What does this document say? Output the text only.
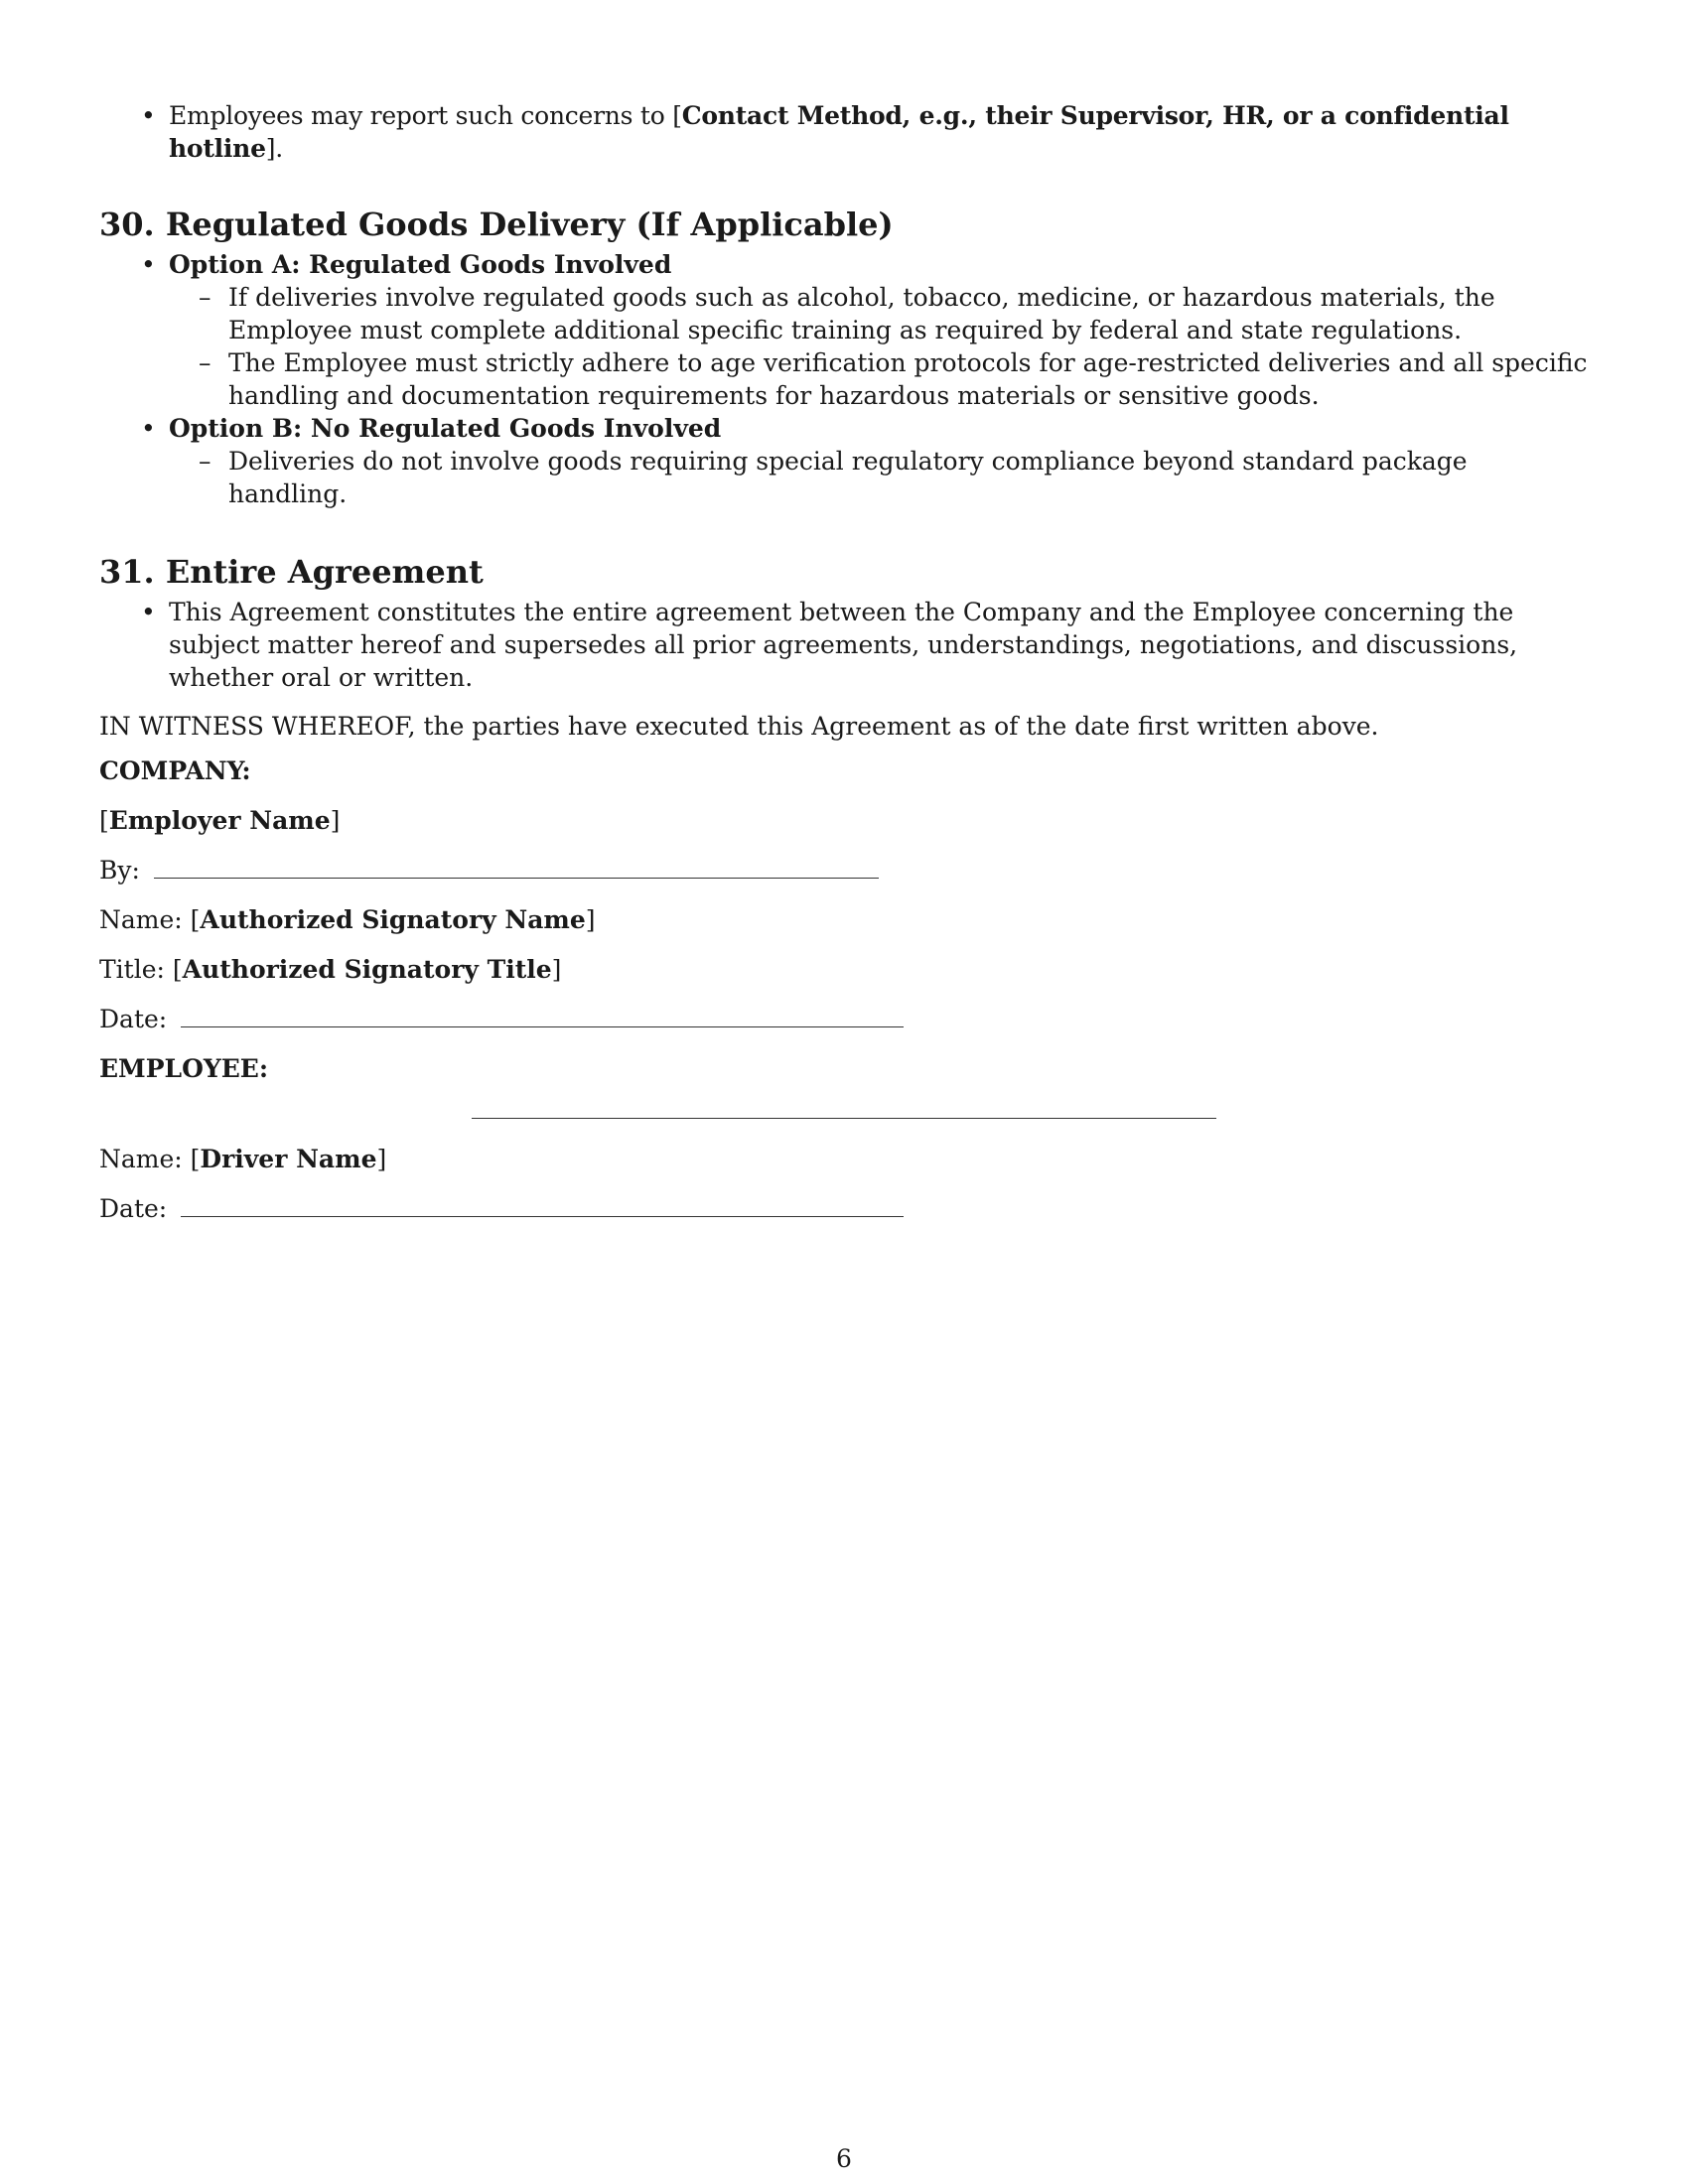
• Employees may report such concerns to [Contact Method, e.g., their Supervisor, HR, or a confidential hotline].
30. Regulated Goods Delivery (If Applicable)
• Option A: Regulated Goods Involved
– If deliveries involve regulated goods such as alcohol, tobacco, medicine, or hazardous materials, the Employee must complete additional specific training as required by federal and state regulations.
– The Employee must strictly adhere to age verification protocols for age-restricted deliveries and all specific handling and documentation requirements for hazardous materials or sensitive goods.
• Option B: No Regulated Goods Involved
– Deliveries do not involve goods requiring special regulatory compliance beyond standard package handling.
31. Entire Agreement
• This Agreement constitutes the entire agreement between the Company and the Employee concerning the subject matter hereof and supersedes all prior agreements, understandings, negotiations, and discussions, whether oral or written.

IN WITNESS WHEREOF, the parties have executed this Agreement as of the date first written above.

COMPANY:
[Employer Name]
By:
Name: [Authorized Signatory Name]
Title: [Authorized Signatory Title]
Date:
EMPLOYEE:
Name: [Driver Name]
Date:
6
